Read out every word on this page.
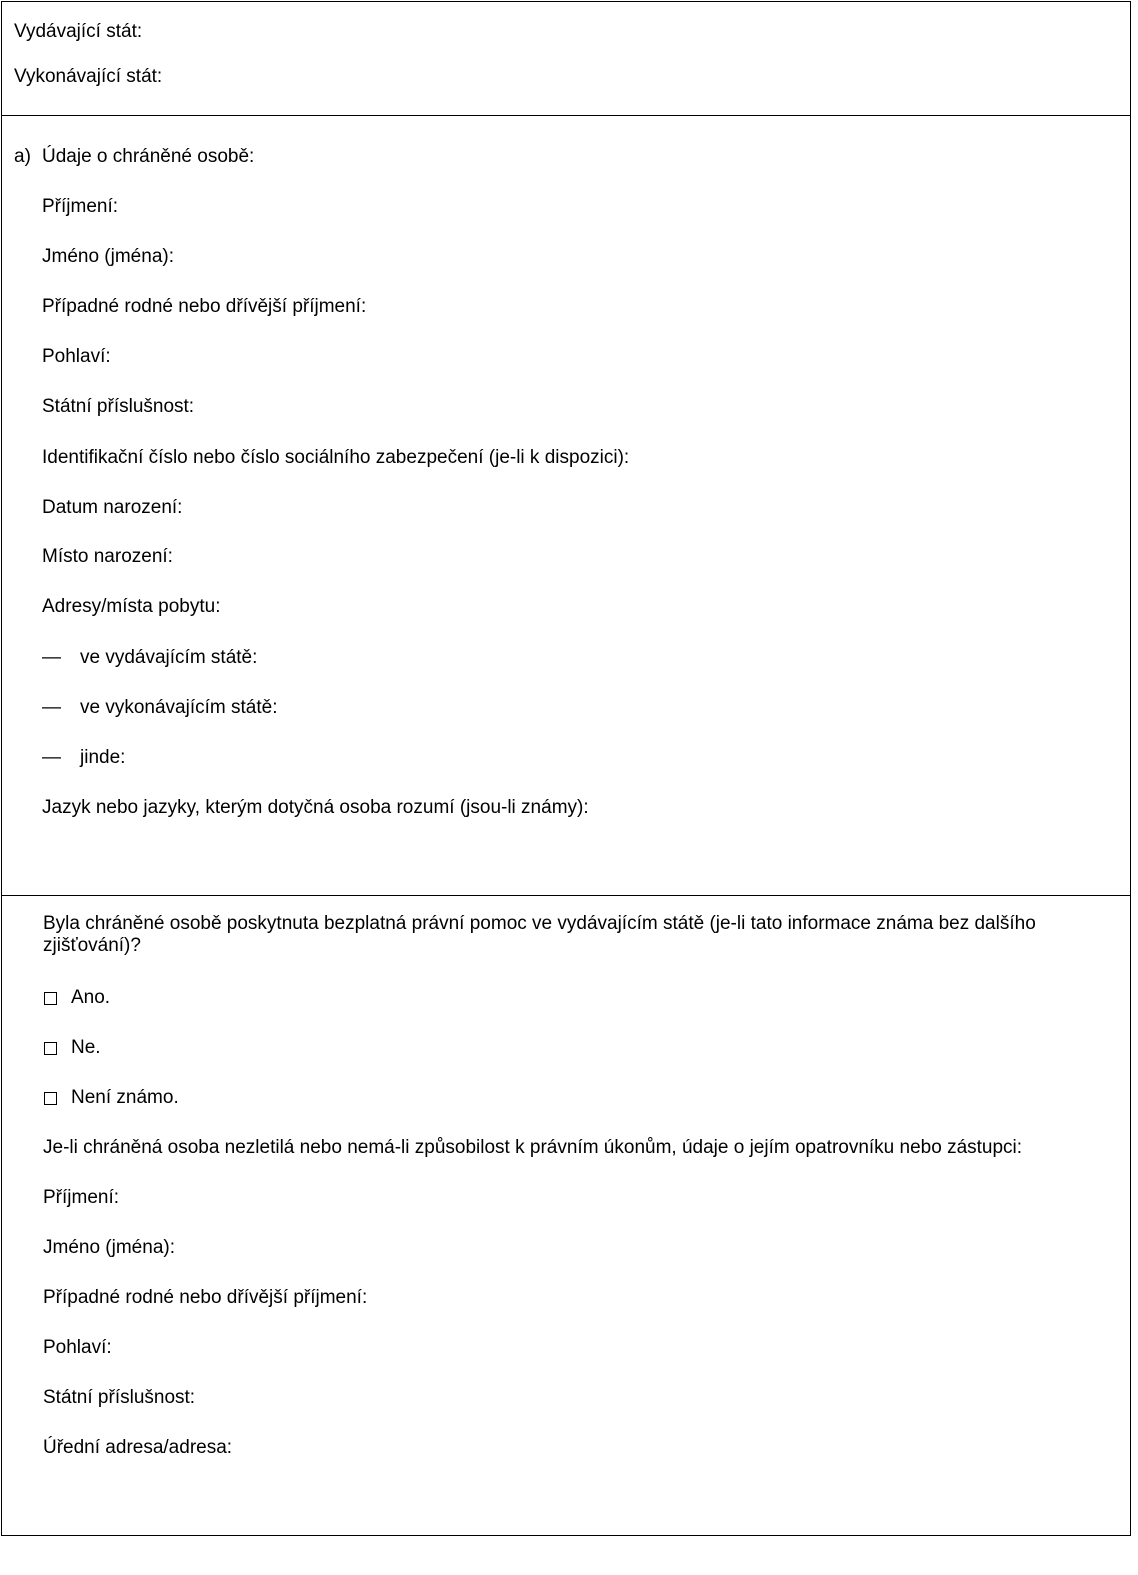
Vydávající stát:
Vykonávající stát:
a) Údaje o chráněné osobě:
Příjmení:
Jméno (jména):
Případné rodné nebo dřívější příjmení:
Pohlaví:
Státní příslušnost:
Identifikační číslo nebo číslo sociálního zabezpečení (je-li k dispozici):
Datum narození:
Místo narození:
Adresy/místa pobytu:
— ve vydávajícím státě:
— ve vykonávajícím státě:
— jinde:
Jazyk nebo jazyky, kterým dotyčná osoba rozumí (jsou-li známy):
Byla chráněné osobě poskytnuta bezplatná právní pomoc ve vydávajícím státě (je-li tato informace známa bez dalšího zjišťování)?
Ano.
Ne.
Není známo.
Je-li chráněná osoba nezletilá nebo nemá-li způsobilost k právním úkonům, údaje o jejím opatrovníku nebo zástupci:
Příjmení:
Jméno (jména):
Případné rodné nebo dřívější příjmení:
Pohlaví:
Státní příslušnost:
Úřední adresa/adresa:
